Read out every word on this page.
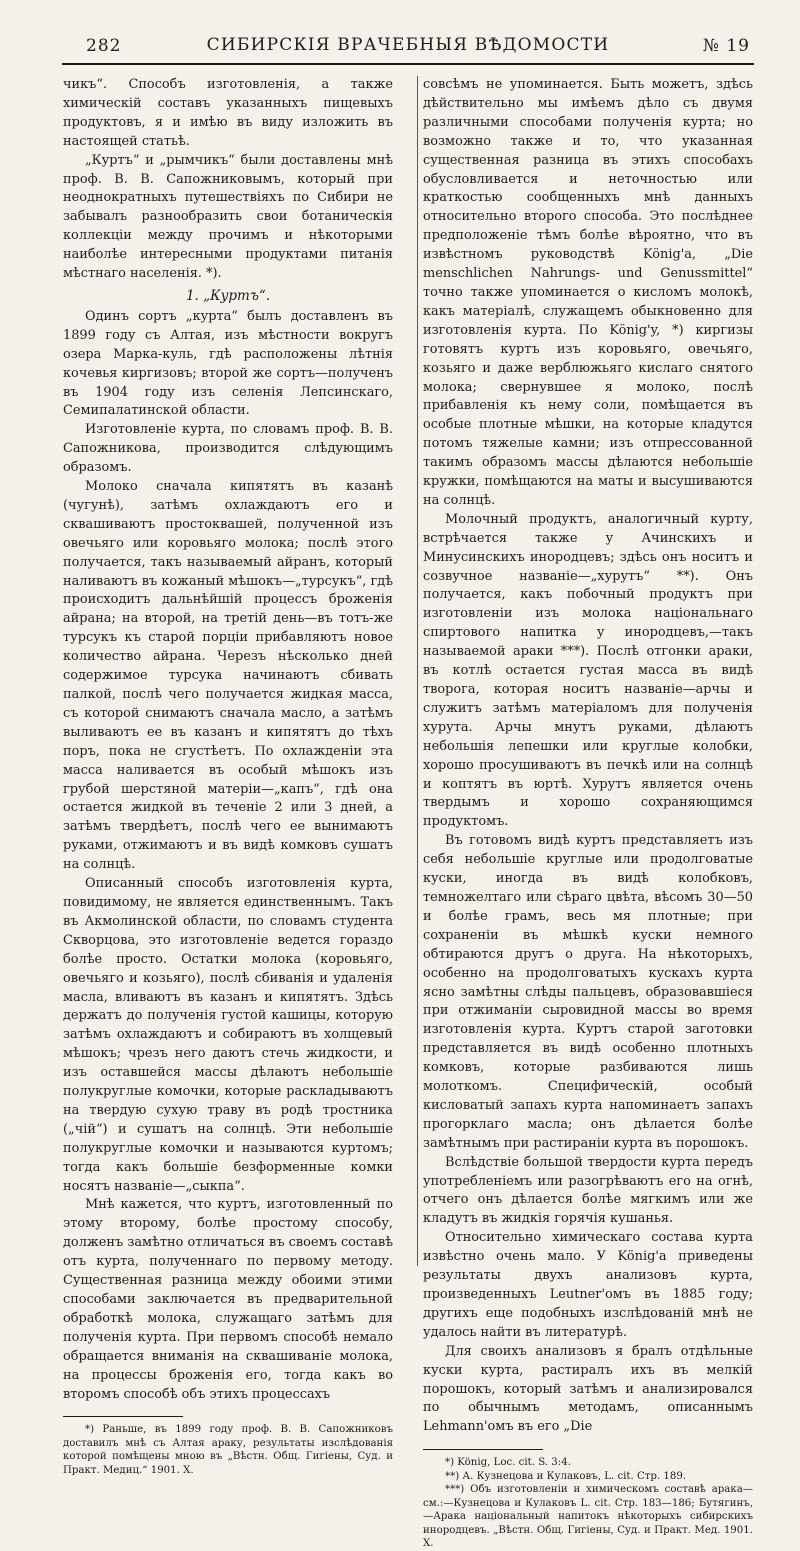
282	СИБИРСКІЯ ВРАЧЕБНЫЯ ВѢДОМОСТИ	№ 19

чикъ“. Способъ изготовленія, а также химическій составъ указанныхъ пищевыхъ продуктовъ, я и имѣю въ виду изложить въ настоящей статьѣ.

„Куртъ“ и „рымчикъ“ были доставлены мнѣ проф. В. В. Сапожниковымъ, который при неоднократныхъ путешествіяхъ по Сибири не забывалъ разнообразить свои ботаническія коллекціи между прочимъ и нѣкоторыми наиболѣе интересными продуктами питанія мѣстнаго населенія. *).

1. „Куртъ“.

Одинъ сортъ „курта“ былъ доставленъ въ 1899 году съ Алтая, изъ мѣстности вокругъ озера Марка-куль, гдѣ расположены лѣтнія кочевья киргизовъ; второй же сортъ—полученъ въ 1904 году изъ селенія Лепсинскаго, Семипалатинской области.

Изготовленіе курта, по словамъ проф. В. В. Сапожникова, производится слѣдующимъ образомъ.

Молоко сначала кипятятъ въ казанѣ (чугунѣ), затѣмъ охлаждаютъ его и сквашиваютъ простоквашей, полученной изъ овечьяго или коровьяго молока; послѣ этого получается, такъ называемый айранъ, который наливаютъ въ кожаный мѣшокъ—„турсукъ“, гдѣ происходитъ дальнѣйшій процессъ броженія айрана; на второй, на третій день—въ тотъ-же турсукъ къ старой порціи прибавляютъ новое количество айрана. Черезъ нѣсколько дней содержимое турсука начинаютъ сбивать палкой, послѣ чего получается жидкая масса, съ которой снимаютъ сначала масло, а затѣмъ выливаютъ ее въ казанъ и кипятятъ до тѣхъ поръ, пока не сгустѣетъ. По охлажденіи эта масса наливается въ особый мѣшокъ изъ грубой шерстяной матеріи—„капъ“, гдѣ она остается жидкой въ теченіе 2 или 3 дней, а затѣмъ твердѣетъ, послѣ чего ее вынимаютъ руками, отжимаютъ и въ видѣ комковъ сушатъ на солнцѣ.

Описанный способъ изготовленія курта, повидимому, не является единственнымъ. Такъ въ Акмолинской области, по словамъ студента Скворцова, это изготовленіе ведется гораздо болѣе просто. Остатки молока (коровьяго, овечьяго и козьяго), послѣ сбиванія и удаленія масла, вливаютъ въ казанъ и кипятятъ. Здѣсь держатъ до полученія густой кашицы, которую затѣмъ охлаждаютъ и собираютъ въ холщевый мѣшокъ; чрезъ него даютъ стечь жидкости, и изъ оставшейся массы дѣлаютъ небольшіе полукруглые комочки, которые раскладываютъ на твердую сухую траву въ родѣ тростника („чій“) и сушатъ на солнцѣ. Эти небольшіе полукруглые комочки и называются куртомъ; тогда какъ большіе безформенные комки носятъ названіе—„сыкпа“.

Мнѣ кажется, что куртъ, изготовленный по этому второму, болѣе простому способу, долженъ замѣтно отличаться въ своемъ составѣ отъ курта, полученнаго по первому методу. Существенная разница между обоими этими способами заключается въ предварительной обработкѣ молока, служащаго затѣмъ для полученія курта. При первомъ способѣ немало обращается вниманія на сквашиваніе молока, на процессы броженія его, тогда какъ во второмъ способѣ объ этихъ процессахъ

*) Раньше, въ 1899 году проф. В. В. Сапожниковъ доставилъ мнѣ съ Алтая араку, результаты изслѣдованія которой помѣщены мною въ „Вѣстн. Общ. Гигіены, Суд. и Практ. Медиц.“ 1901. X.

совсѣмъ не упоминается. Быть можетъ, здѣсь дѣйствительно мы имѣемъ дѣло съ двумя различными способами полученія курта; но возможно также и то, что указанная существенная разница въ этихъ способахъ обусловливается и неточностью или краткостью сообщенныхъ мнѣ данныхъ относительно второго способа. Это послѣднее предположеніе тѣмъ болѣе вѣроятно, что въ извѣстномъ руководствѣ König'a, „Die menschlichen Nahrungs- und Genussmittel“ точно также упоминается о кисломъ молокѣ, какъ матеріалѣ, служащемъ обыкновенно для изготовленія курта. По König'y, *) киргизы готовятъ куртъ изъ коровьяго, овечьяго, козьяго и даже верблюжьяго кислаго снятого молока; свернувшее я молоко, послѣ прибавленія къ нему соли, помѣщается въ особые плотные мѣшки, на которые кладутся потомъ тяжелые камни; изъ отпрессованной такимъ образомъ массы дѣлаются небольшіе кружки, помѣщаются на маты и высушиваются на солнцѣ.

Молочный продуктъ, аналогичный курту, встрѣчается также у Ачинскихъ и Минусинскихъ инородцевъ; здѣсь онъ носитъ и созвучное названіе—„хурутъ“ **). Онъ получается, какъ побочный продуктъ при изготовленіи изъ молока національнаго спиртового напитка у инородцевъ,—такъ называемой араки ***). Послѣ отгонки араки, въ котлѣ остается густая масса въ видѣ творога, которая носитъ названіе—арчы и служитъ затѣмъ матеріаломъ для полученія хурута. Арчы мнутъ руками, дѣлаютъ небольшія лепешки или круглые колобки, хорошо просушиваютъ въ печкѣ или на солнцѣ и коптятъ въ юртѣ. Хурутъ является очень твердымъ и хорошо сохраняющимся продуктомъ.

Въ готовомъ видѣ куртъ представляетъ изъ себя небольшіе круглые или продолговатые куски, иногда въ видѣ колобковъ, темножелтаго или сѣраго цвѣта, вѣсомъ 30—50 и болѣе грамъ, весь мя плотные; при сохраненіи въ мѣшкѣ куски немного обтираются другъ о друга. На нѣкоторыхъ, особенно на продолговатыхъ кускахъ курта ясно замѣтны слѣды пальцевъ, образовавшіеся при отжиманіи сыровидной массы во время изготовленія курта. Куртъ старой заготовки представляется въ видѣ особенно плотныхъ комковъ, которые разбиваются лишь молоткомъ. Специфическій, особый кисловатый запахъ курта напоминаетъ запахъ прогорклаго масла; онъ дѣлается болѣе замѣтнымъ при растираніи курта въ порошокъ.

Вслѣдствіе большой твердости курта передъ употребленіемъ или разогрѣваютъ его на огнѣ, отчего онъ дѣлается болѣе мягкимъ или же кладутъ въ жидкія горячія кушанья.

Относительно химическаго состава курта извѣстно очень мало. У König'a приведены результаты двухъ анализовъ курта, произведенныхъ Leutner'омъ въ 1885 году; другихъ еще подобныхъ изслѣдованій мнѣ не удалось найти въ литературѣ.

Для своихъ анализовъ я бралъ отдѣльные куски курта, растиралъ ихъ въ мелкій порошокъ, который затѣмъ и анализировался по обычнымъ методамъ, описаннымъ Lehmann'омъ въ его „Die

*) König, Loc. cit. S. 3:4.

**) А. Кузнецова и Кулаковъ, L. cit. Стр. 189.

***) Объ изготовленіи и химическомъ составѣ арака—см.:—Кузнецова и Кулаковъ L. cit. Стр. 183—186; Бутягинъ,—Арака національный напитокъ нѣкоторыхъ сибирскихъ инородцевъ. „Вѣстн. Общ. Гигіены, Суд. и Практ. Мед. 1901. X.
